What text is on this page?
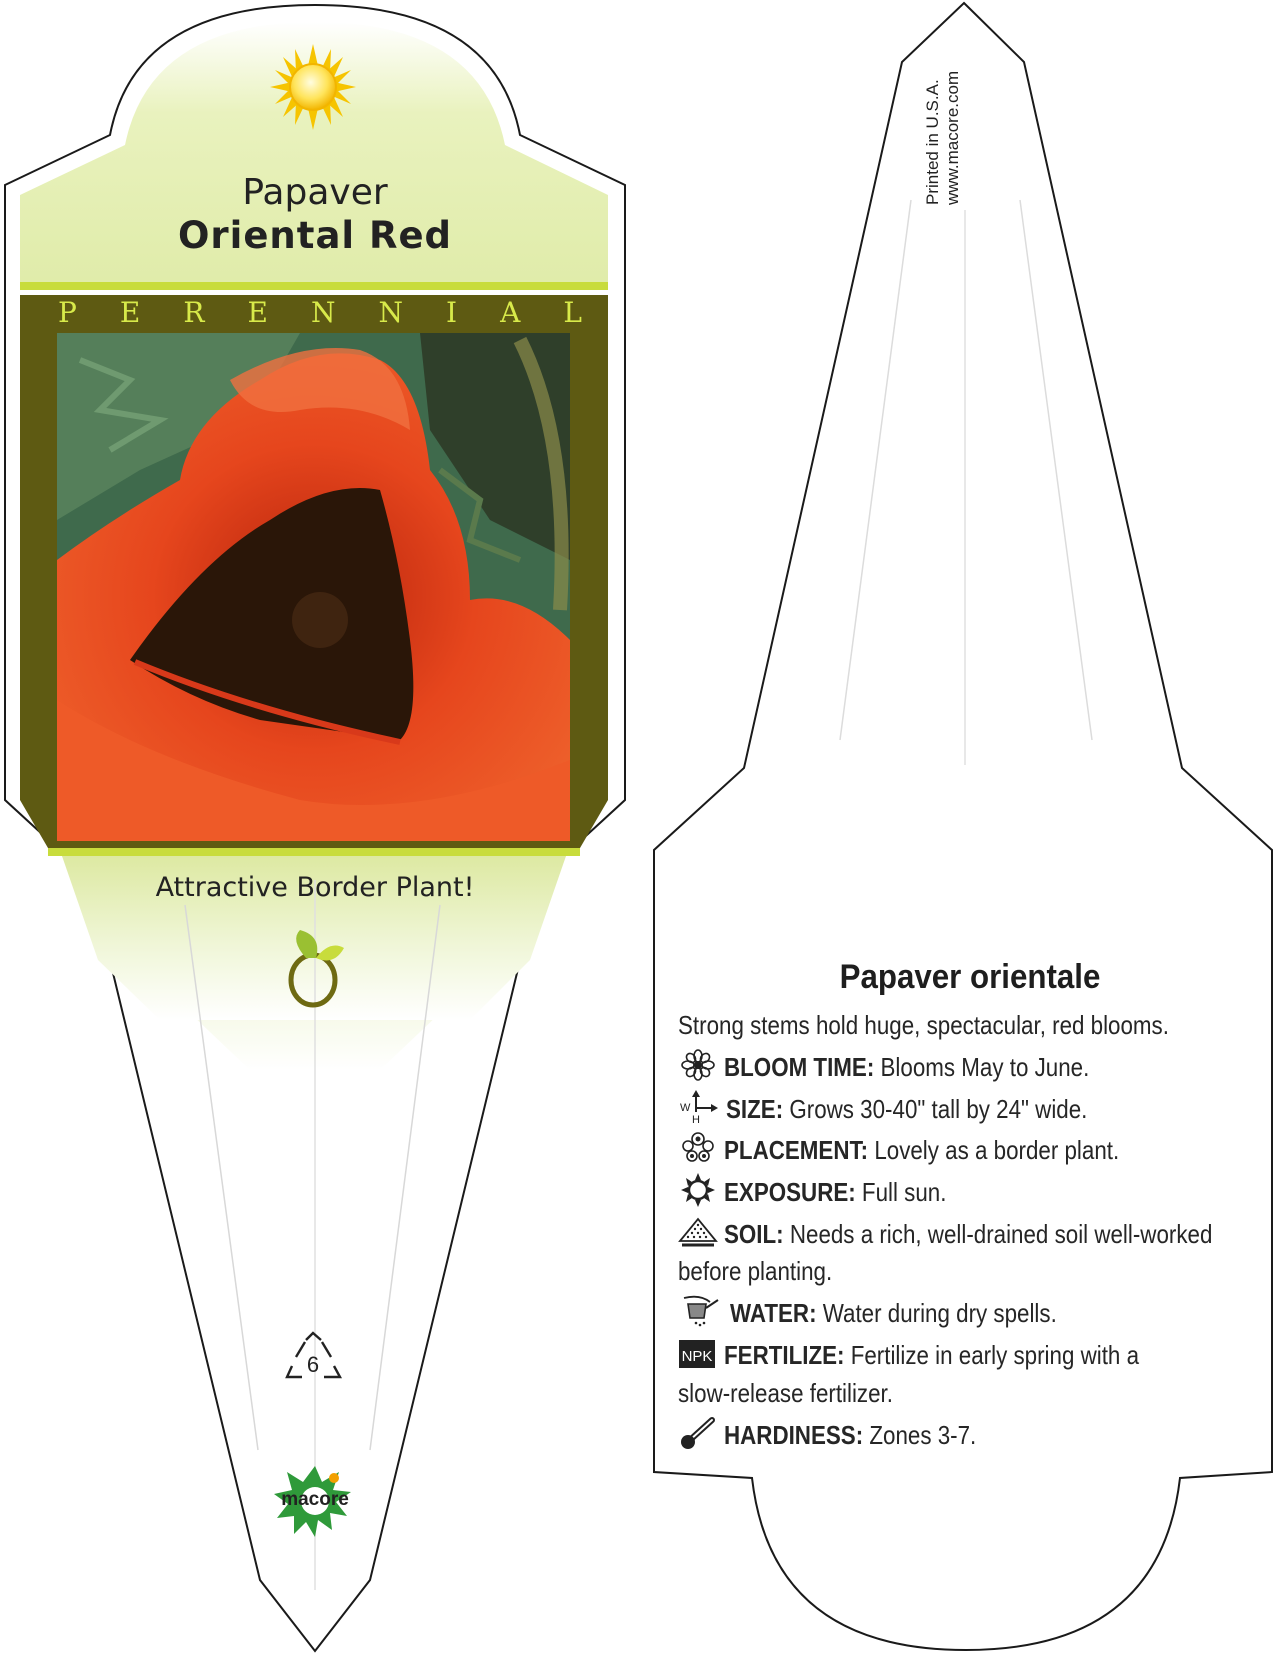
Papaver
Oriental Red
P E R E N N I A L
Attractive Border Plant!
6
macore
Printed in U.S.A. www.macore.com
Papaver orientale
Strong stems hold huge, spectacular, red blooms.
BLOOM TIME: Blooms May to June.
W
H SIZE: Grows 30-40" tall by 24" wide.
PLACEMENT: Lovely as a border plant.
EXPOSURE: Full sun.
SOIL: Needs a rich, well-drained soil well-worked
before planting.
WATER: Water during dry spells.
NPK FERTILIZE: Fertilize in early spring with a
slow-release fertilizer.
HARDINESS: Zones 3-7.
